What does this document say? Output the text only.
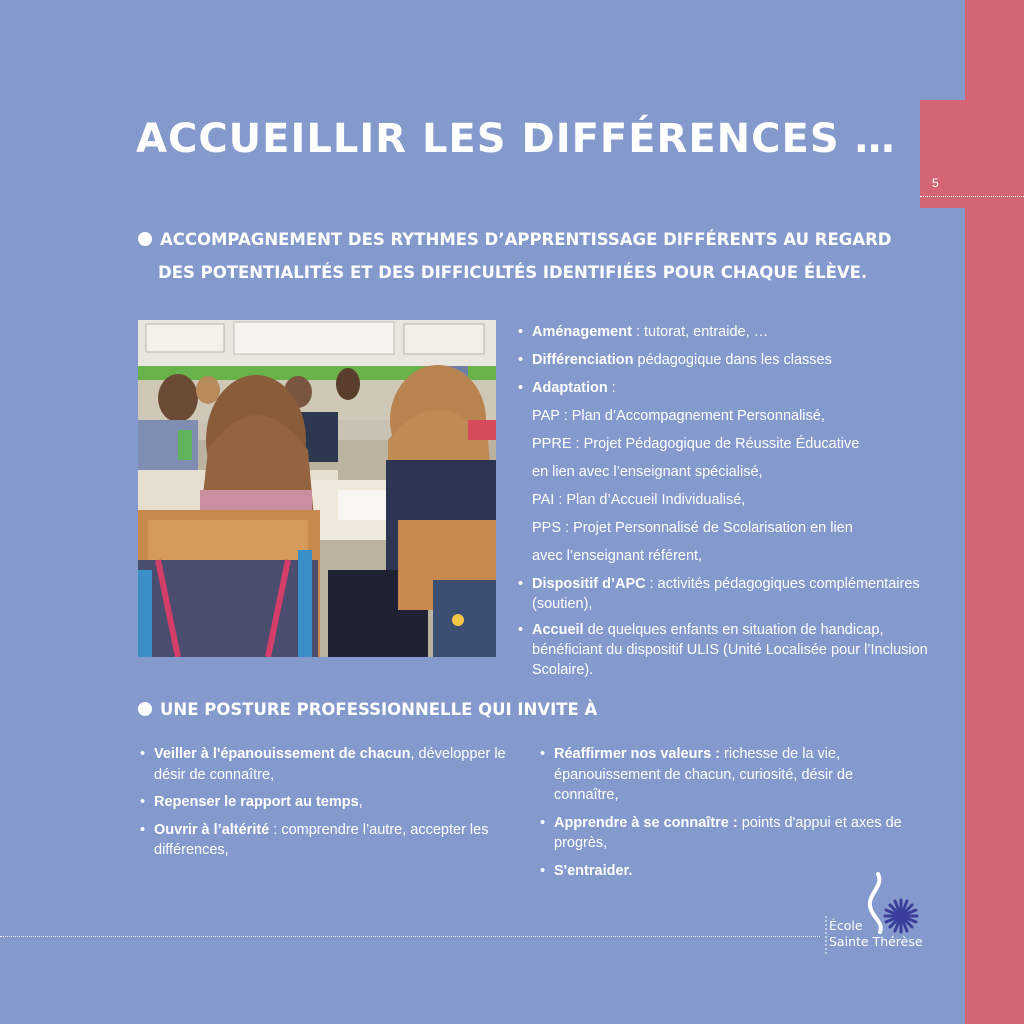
5
ACCUEILLIR LES DIFFÉRENCES …
ACCOMPAGNEMENT DES RYTHMES D’APPRENTISSAGE DIFFÉRENTS AU REGARD
DES POTENTIALITÉS ET DES DIFFICULTÉS IDENTIFIÉES POUR CHAQUE ÉLÈVE.
• Aménagement : tutorat, entraide, …
• Différenciation pédagogique dans les classes
• Adaptation :
PAP : Plan d’Accompagnement Personnalisé,
PPRE : Projet Pédagogique de Réussite Éducative
en lien avec l’enseignant spécialisé,
PAI : Plan d’Accueil Individualisé,
PPS : Projet Personnalisé de Scolarisation en lien
avec l’enseignant référent,
• Dispositif d’APC : activités pédagogiques complémentaires (soutien),
• Accueil de quelques enfants en situation de handicap, bénéficiant du dispositif ULIS (Unité Localisée pour l’Inclusion Scolaire).
UNE POSTURE PROFESSIONNELLE QUI INVITE À
• Veiller à l'épanouissement de chacun, développer le désir de connaître,
• Repenser le rapport au temps,
• Ouvrir à l’altérité : comprendre l’autre, accepter les différences,
• Réaffirmer nos valeurs : richesse de la vie, épanouissement de chacun, curiosité, désir de connaître,
• Apprendre à se connaître : points d'appui et axes de progrès,
• S'entraider.
École
Sainte Thérèse
